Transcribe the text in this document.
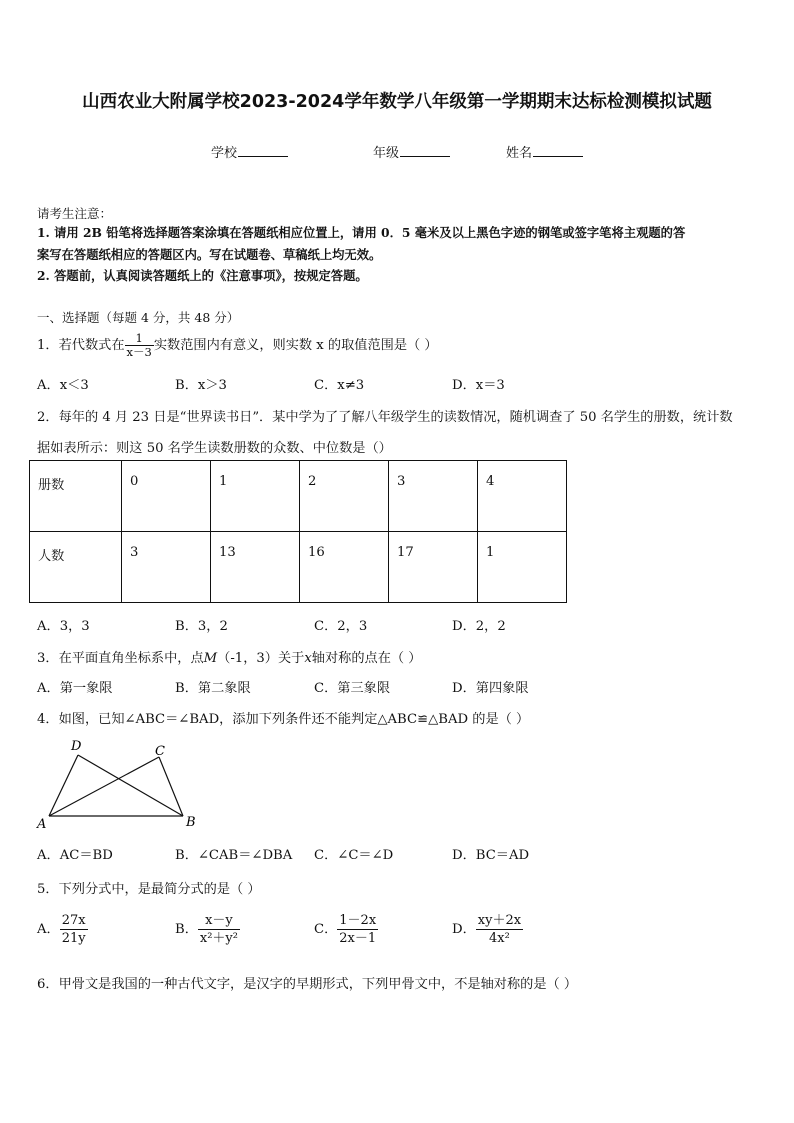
山西农业大附属学校2023-2024学年数学八年级第一学期期末达标检测模拟试题
学校	年级	姓名
请考生注意：
1. 请用 2B 铅笔将选择题答案涂填在答题纸相应位置上，请用 0．5 毫米及以上黑色字迹的钢笔或签字笔将主观题的答
案写在答题纸相应的答题区内。写在试题卷、草稿纸上均无效。
2. 答题前，认真阅读答题纸上的《注意事项》，按规定答题。
一、选择题（每题 4 分，共 48 分）
1．若代数式在 $\frac{1}{x-3}$ 实数范围内有意义，则实数 x 的取值范围是（ ）
A．x＜3	B．x＞3	C．x≠3	D．x＝3
2．每年的 4 月 23 日是“世界读书日”．某中学为了了解八年级学生的读数情况，随机调查了 50 名学生的册数，统计数
据如表所示：则这 50 名学生读数册数的众数、中位数是（）
册数	0	1	2	3	4
人数	3	13	16	17	1
A．3，3	B．3，2	C．2，3	D．2，2
3．在平面直角坐标系中，点M（-1，3）关于x轴对称的点在（ ）
A．第一象限	B．第二象限	C．第三象限	D．第四象限
4．如图，已知∠ABC＝∠BAD，添加下列条件还不能判定△ABC≌△BAD 的是（ ）
D	C
A	B
A．AC＝BD	B．∠CAB＝∠DBA C．∠C＝∠D	D．BC＝AD
5．下列分式中，是最简分式的是（ ）
A． $\frac{27x}{21y}$	B． $\frac{x-y}{\text{x²＋y²}}$	C． $\frac{1-2x}{2x-1}$	D． $\frac{xy+2x}{\text{4x²}}$
6．甲骨文是我国的一种古代文字，是汉字的早期形式，下列甲骨文中，不是轴对称的是（ ）
